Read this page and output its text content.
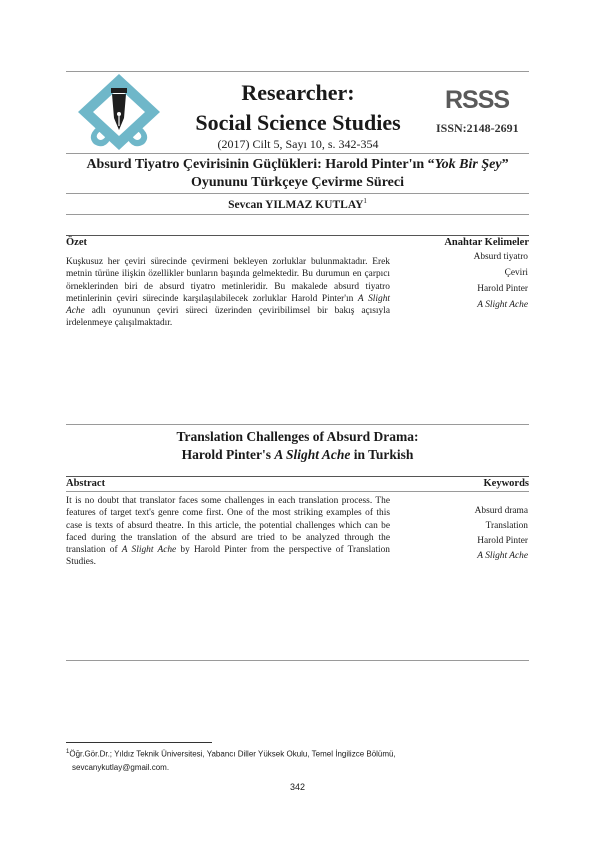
Researcher:
Social Science Studies
RSSS
ISSN:2148-2691
(2017) Cilt 5, Sayı 10, s. 342-354
Absurd Tiyatro Çevirisinin Güçlükleri: Harold Pinter'ın “Yok Bir Şey”
Oyununu Türkçeye Çevirme Süreci
Sevcan YILMAZ KUTLAY$^1$
Özet	Anahtar Kelimeler
Kuşkusuz her çeviri sürecinde çevirmeni bekleyen zorluklar bulunmaktadır. Erek metnin türüne ilişkin özellikler bunların başında gelmektedir. Bu durumun en çarpıcı örneklerinden biri de absurd tiyatro metinleridir. Bu makalede absurd tiyatro metinlerinin çeviri sürecinde karşılaşılabilecek zorluklar Harold Pinter'ın A Slight Ache adlı oyununun çeviri süreci üzerinden çeviribilimsel bir bakış açısıyla irdelenmeye çalışılmaktadır.
Absurd tiyatro
Çeviri
Harold Pinter
A Slight Ache
Translation Challenges of Absurd Drama:
Harold Pinter's A Slight Ache in Turkish
Abstract	Keywords
It is no doubt that translator faces some challenges in each translation process. The features of target text's genre come first. One of the most striking examples of this case is texts of absurd theatre. In this article, the potential challenges which can be faced during the translation of the absurd are tried to be analyzed through the translation of A Slight Ache by Harold Pinter from the perspective of Translation Studies.
Absurd drama
Translation
Harold Pinter
A Slight Ache
$^1$Öğr.Gör.Dr.; Yıldız Teknik Üniversitesi, Yabancı Diller Yüksek Okulu, Temel İngilizce Bölümü,
sevcanykutlay@gmail.com.
342
